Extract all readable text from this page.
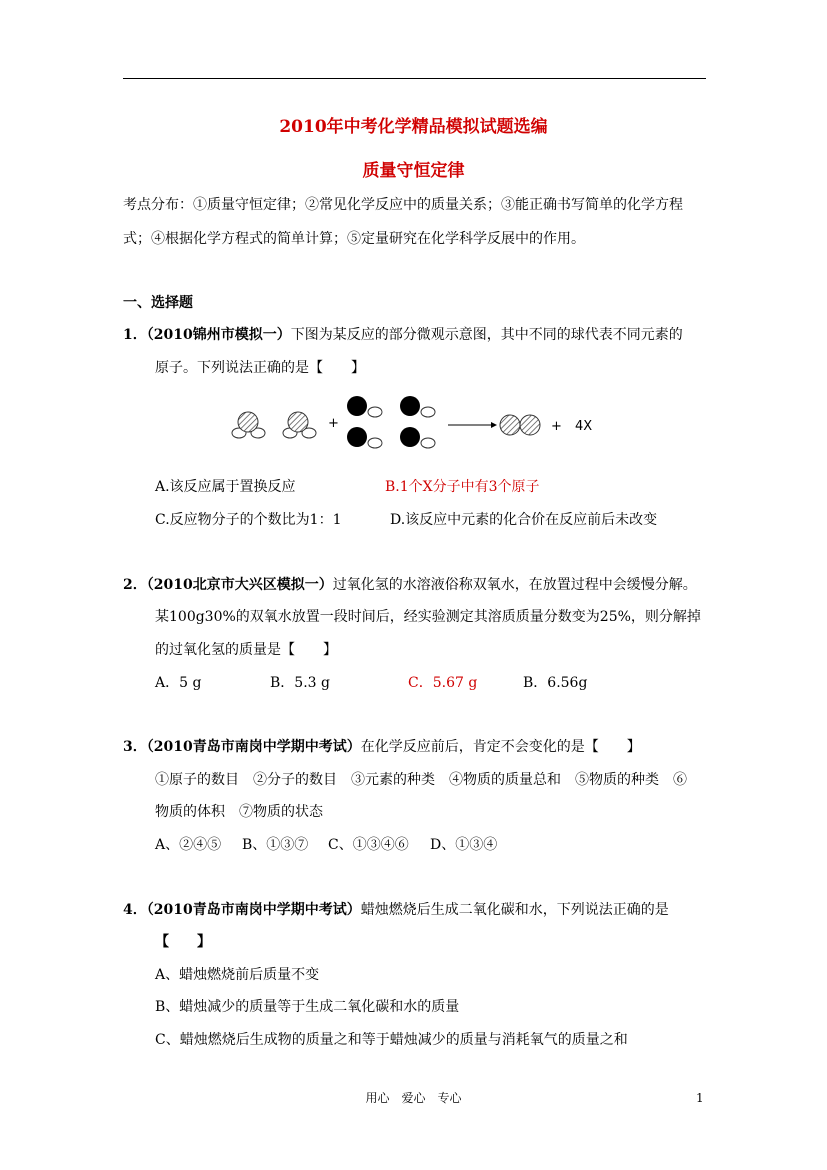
2010年中考化学精品模拟试题选编
质量守恒定律
考点分布：①质量守恒定律；②常见化学反应中的质量关系；③能正确书写简单的化学方程
式；④根据化学方程式的简单计算；⑤定量研究在化学科学反展中的作用。
一、选择题
1．（2010锦州市模拟一）下图为某反应的部分微观示意图，其中不同的球代表不同元素的
原子。下列说法正确的是【　　】
+	+ 4X
A.该反应属于置换反应	B.1个X分子中有3个原子
C.反应物分子的个数比为1：1	D.该反应中元素的化合价在反应前后未改变
2．（2010北京市大兴区模拟一）过氧化氢的水溶液俗称双氧水，在放置过程中会缓慢分解。
某100g30%的双氧水放置一段时间后，经实验测定其溶质质量分数变为25%，则分解掉
的过氧化氢的质量是【　　】
A．5 g	B．5.3 g	C．5.67 g	B．6.56g
3．（2010青岛市南岗中学期中考试）在化学反应前后，肯定不会变化的是【　　】
①原子的数目　②分子的数目　③元素的种类　④物质的质量总和　⑤物质的种类　⑥
物质的体积　⑦物质的状态
A、②④⑤ B、①③⑦ C、①③④⑥ D、①③④
4．（2010青岛市南岗中学期中考试）蜡烛燃烧后生成二氧化碳和水，下列说法正确的是
【　　】
A、蜡烛燃烧前后质量不变
B、蜡烛减少的质量等于生成二氧化碳和水的质量
C、蜡烛燃烧后生成物的质量之和等于蜡烛减少的质量与消耗氧气的质量之和
用心　爱心　专心	1
